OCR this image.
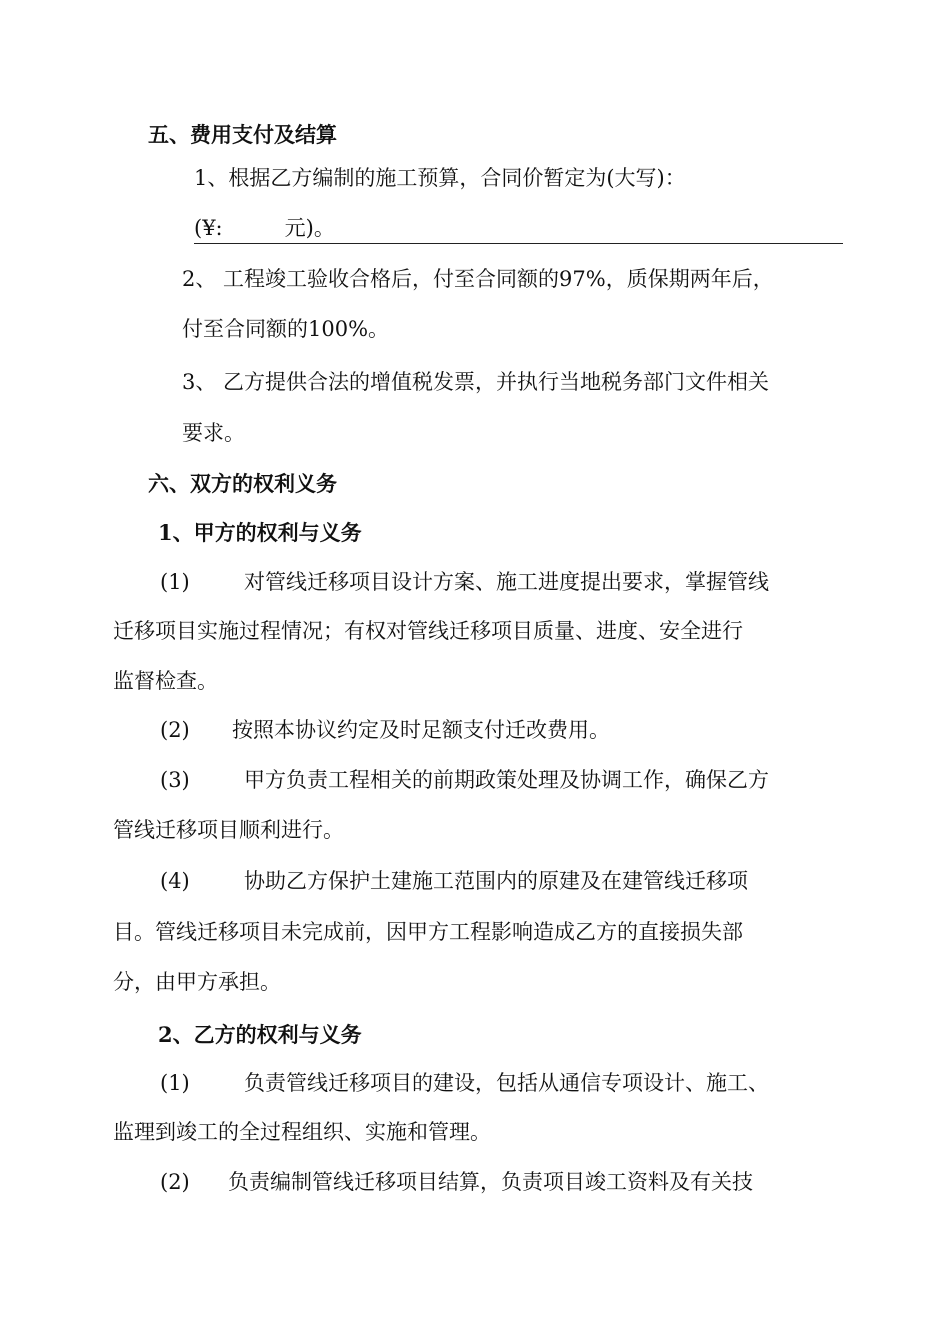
五、费用支付及结算
1、根据乙方编制的施工预算，合同价暂定为(大写)：
(¥:	元)。
2、 工程竣工验收合格后，付至合同额的97%，质保期两年后，
付至合同额的100%。
3、 乙方提供合法的增值税发票，并执行当地税务部门文件相关
要求。
六、双方的权利义务
1、甲方的权利与义务
(1)	对管线迁移项目设计方案、施工进度提出要求，掌握管线
迁移项目实施过程情况；有权对管线迁移项目质量、进度、安全进行
监督检查。
(2) 按照本协议约定及时足额支付迁改费用。
(3)	甲方负责工程相关的前期政策处理及协调工作，确保乙方
管线迁移项目顺利进行。
(4)	协助乙方保护土建施工范围内的原建及在建管线迁移项
目。管线迁移项目未完成前，因甲方工程影响造成乙方的直接损失部
分，由甲方承担。
2、乙方的权利与义务
(1)	负责管线迁移项目的建设，包括从通信专项设计、施工、
监理到竣工的全过程组织、实施和管理。
(2) 负责编制管线迁移项目结算，负责项目竣工资料及有关技
